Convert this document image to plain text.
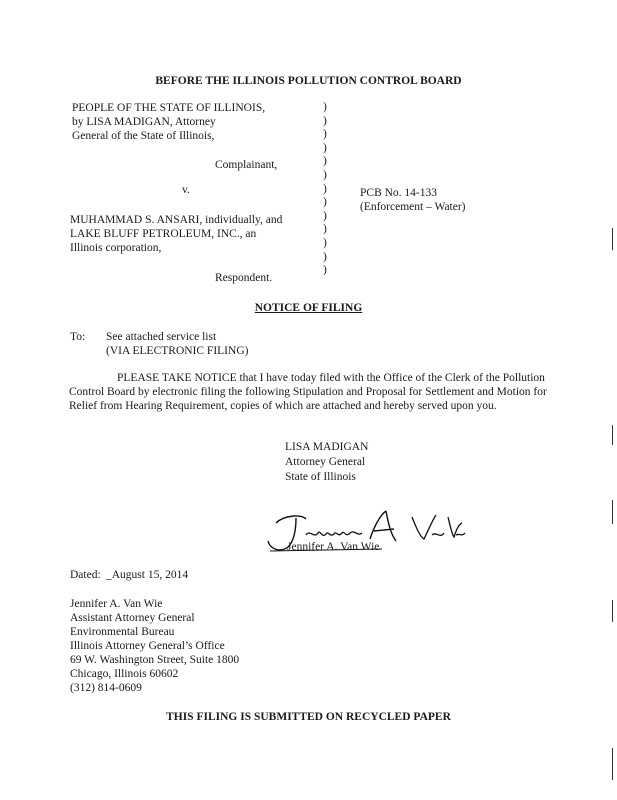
BEFORE THE ILLINOIS POLLUTION CONTROL BOARD
PEOPLE OF THE STATE OF ILLINOIS,
by LISA MADIGAN, Attorney
General of the State of Illinois,
Complainant,
v.
MUHAMMAD S. ANSARI, individually, and
LAKE BLUFF PETROLEUM, INC., an
Illinois corporation,
Respondent.
)
)
)
)
)
)
)
)
)
)
)
)
)
PCB No. 14-133
(Enforcement – Water)
NOTICE OF FILING
To: See attached service list
(VIA ELECTRONIC FILING)
PLEASE TAKE NOTICE that I have today filed with the Office of the Clerk of the Pollution Control Board by electronic filing the following Stipulation and Proposal for Settlement and Motion for Relief from Hearing Requirement, copies of which are attached and hereby served upon you.
LISA MADIGAN
Attorney General
State of Illinois
Jennifer A. Van Wie
Dated: _August 15, 2014
Jennifer A. Van Wie
Assistant Attorney General
Environmental Bureau
Illinois Attorney General’s Office
69 W. Washington Street, Suite 1800
Chicago, Illinois 60602
(312) 814-0609
THIS FILING IS SUBMITTED ON RECYCLED PAPER
